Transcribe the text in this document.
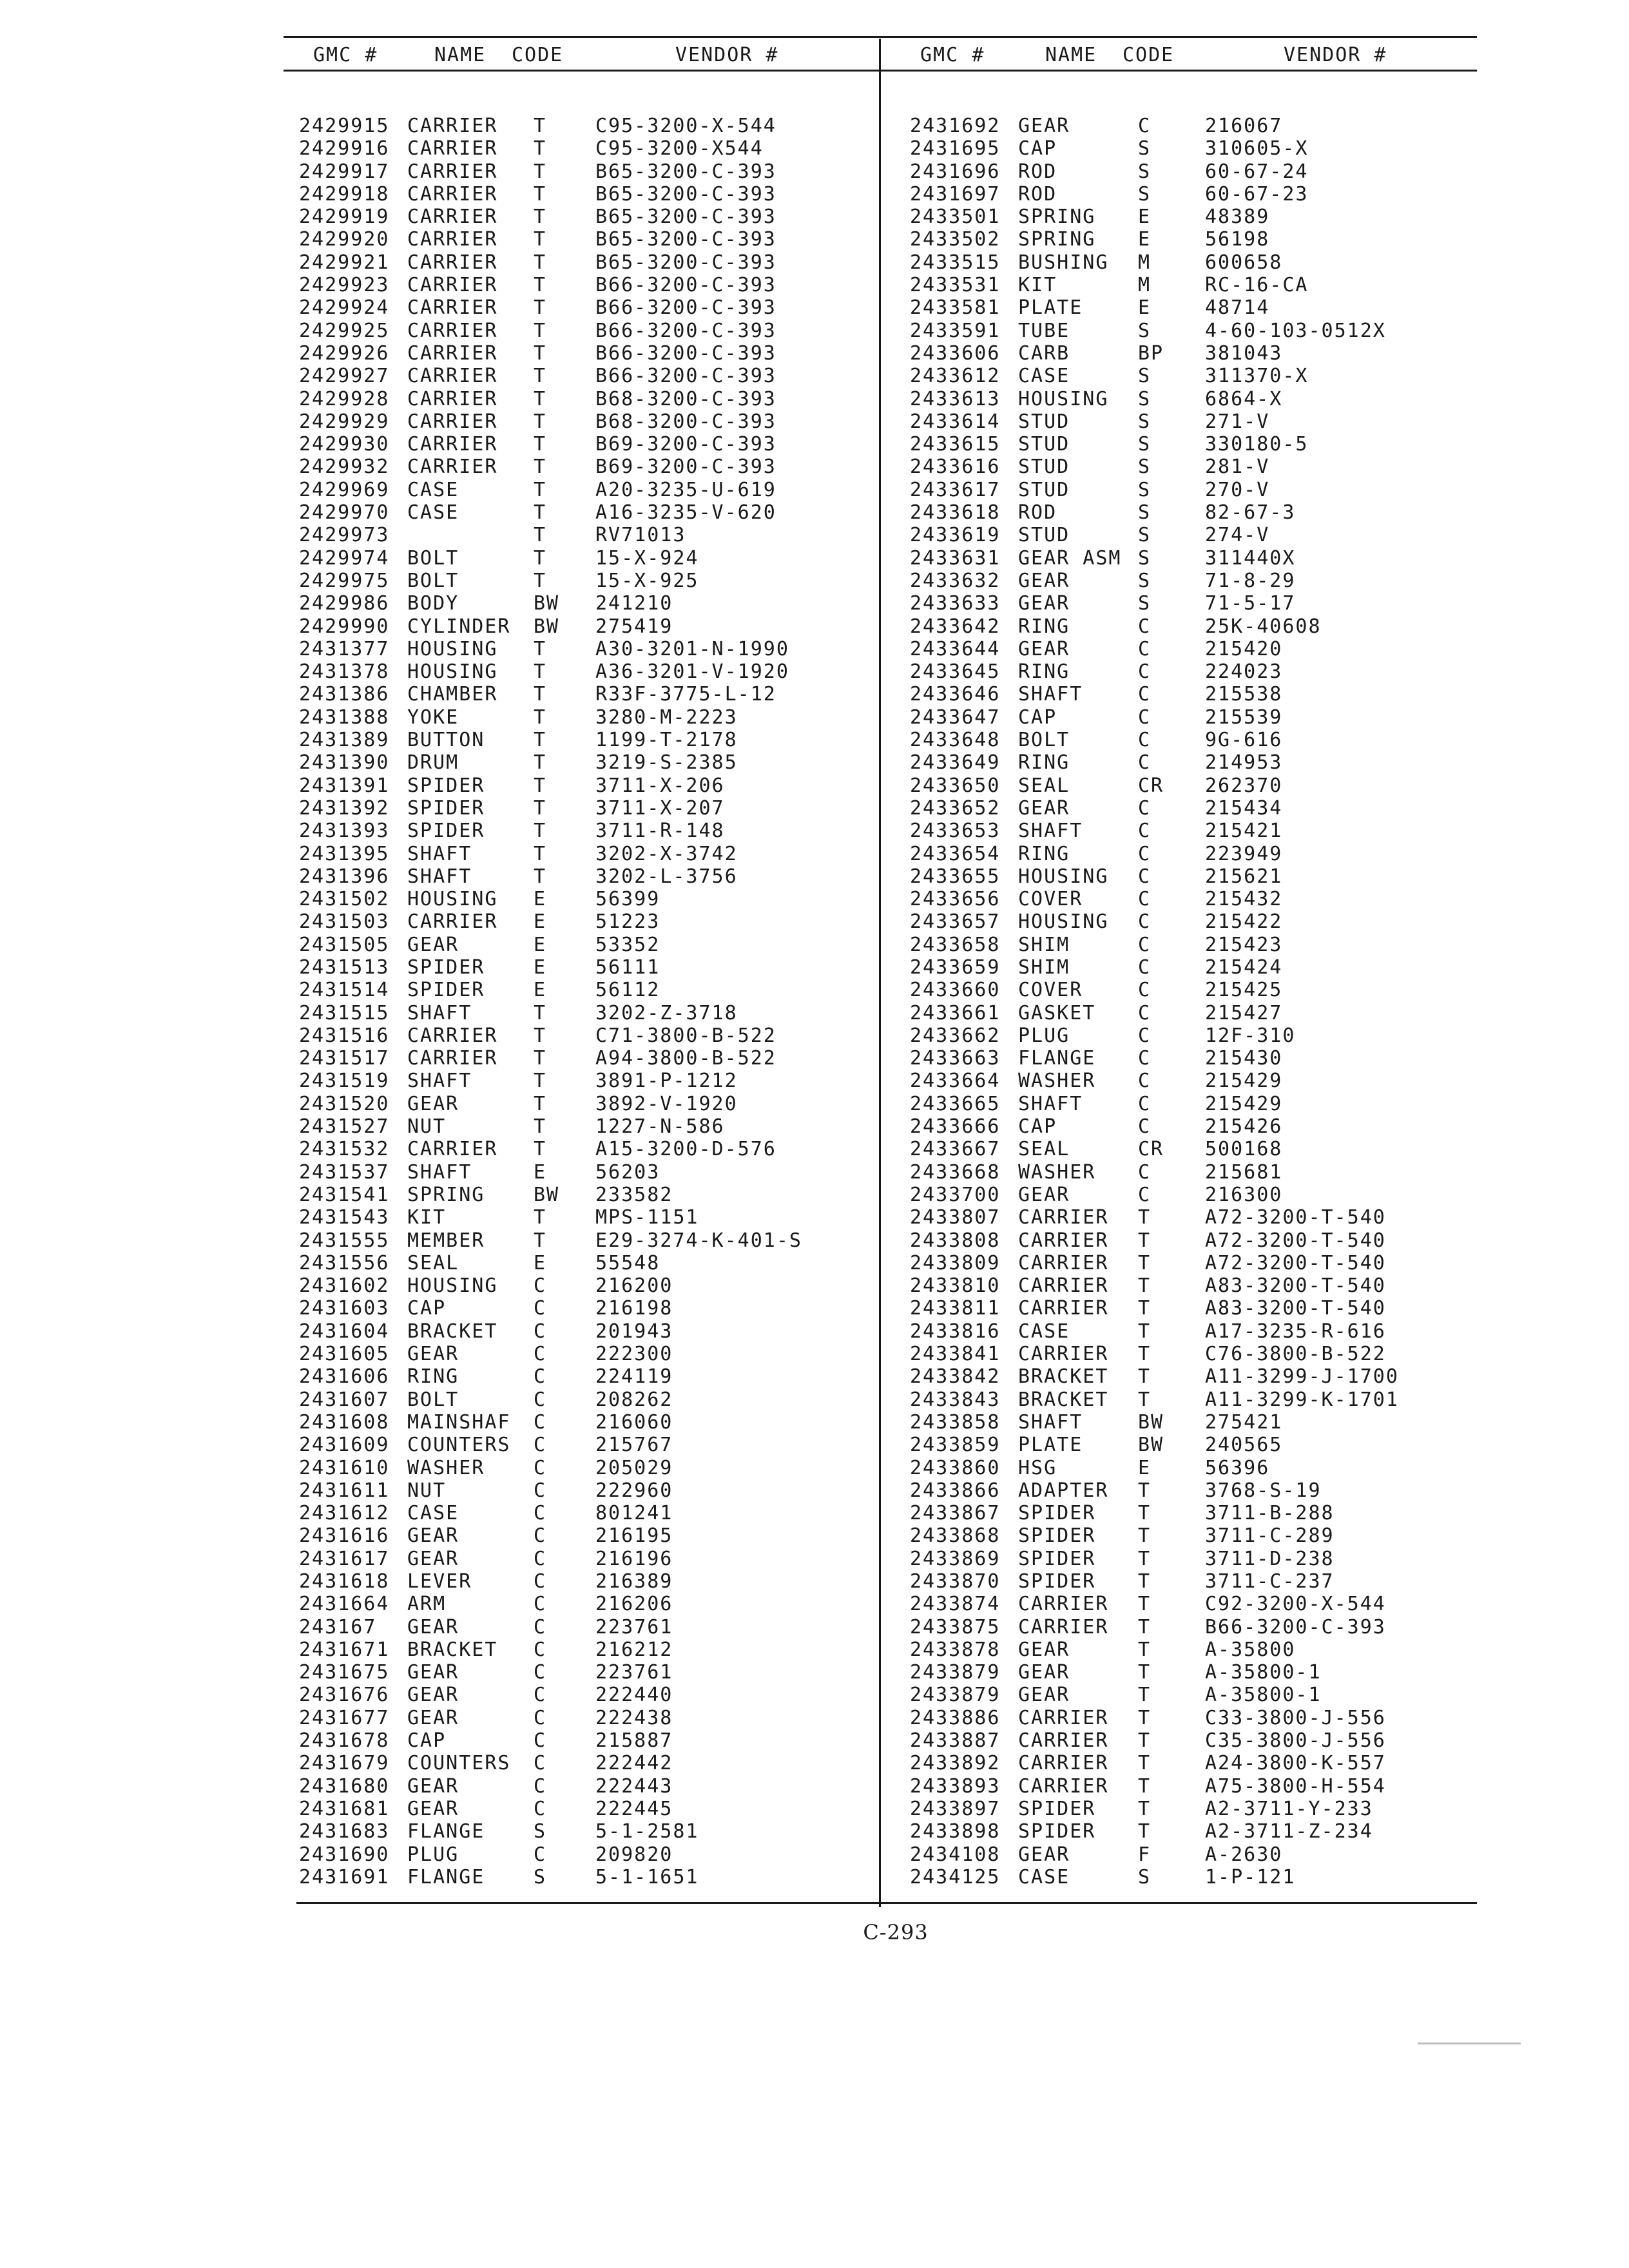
GMC #	NAME CODE	VENDOR #	GMC #	NAME CODE	VENDOR #
2429915 CARRIER T	C95-3200-X-544
2429916 CARRIER T	C95-3200-X544
2429917 CARRIER T	B65-3200-C-393
2429918 CARRIER T	B65-3200-C-393
2429919 CARRIER T	B65-3200-C-393
2429920 CARRIER T	B65-3200-C-393
2429921 CARRIER T	B65-3200-C-393
2429923 CARRIER T	B66-3200-C-393
2429924 CARRIER T	B66-3200-C-393
2429925 CARRIER T	B66-3200-C-393
2429926 CARRIER T	B66-3200-C-393
2429927 CARRIER T	B66-3200-C-393
2429928 CARRIER T	B68-3200-C-393
2429929 CARRIER T	B68-3200-C-393
2429930 CARRIER T	B69-3200-C-393
2429932 CARRIER T	B69-3200-C-393
2429969 CASE	T	A20-3235-U-619
2429970 CASE	T	A16-3235-V-620
2429973	T	RV71013
2429974 BOLT	T	15-X-924
2429975 BOLT	T	15-X-925
2429986 BODY	BW 241210
2429990 CYLINDER BW 275419
2431377 HOUSING T	A30-3201-N-1990
2431378 HOUSING T	A36-3201-V-1920
2431386 CHAMBER T	R33F-3775-L-12
2431388 YOKE	T	3280-M-2223
2431389 BUTTON	T	1199-T-2178
2431390 DRUM	T	3219-S-2385
2431391 SPIDER	T	3711-X-206
2431392 SPIDER	T	3711-X-207
2431393 SPIDER	T	3711-R-148
2431395 SHAFT	T	3202-X-3742
2431396 SHAFT	T	3202-L-3756
2431502 HOUSING E	56399
2431503 CARRIER E	51223
2431505 GEAR	E	53352
2431513 SPIDER	E	56111
2431514 SPIDER	E	56112
2431515 SHAFT	T	3202-Z-3718
2431516 CARRIER T	C71-3800-B-522
2431517 CARRIER T	A94-3800-B-522
2431519 SHAFT	T	3891-P-1212
2431520 GEAR	T	3892-V-1920
2431527 NUT	T	1227-N-586
2431532 CARRIER T	A15-3200-D-576
2431537 SHAFT	E	56203
2431541 SPRING	BW 233582
2431543 KIT	T	MPS-1151
2431555 MEMBER	T	E29-3274-K-401-S
2431556 SEAL	E	55548
2431602 HOUSING C	216200
2431603 CAP	C	216198
2431604 BRACKET C	201943
2431605 GEAR	C	222300
2431606 RING	C	224119
2431607 BOLT	C	208262
2431608 MAINSHAF C	216060
2431609 COUNTERS C	215767
2431610 WASHER	C	205029
2431611 NUT	C	222960
2431612 CASE	C	801241
2431616 GEAR	C	216195
2431617 GEAR	C	216196
2431618 LEVER	C	216389
2431664 ARM	C	216206
243167 GEAR	C	223761
2431671 BRACKET C	216212
2431675 GEAR	C	223761
2431676 GEAR	C	222440
2431677 GEAR	C	222438
2431678 CAP	C	215887
2431679 COUNTERS C	222442
2431680 GEAR	C	222443
2431681 GEAR	C	222445
2431683 FLANGE	S	5-1-2581
2431690 PLUG	C	209820
2431691 FLANGE	S	5-1-1651
2431692 GEAR	C	216067
2431695 CAP	S	310605-X
2431696 ROD	S	60-67-24
2431697 ROD	S	60-67-23
2433501 SPRING E	48389
2433502 SPRING E	56198
2433515 BUSHING M	600658
2433531 KIT	M	RC-16-CA
2433581 PLATE	E	48714
2433591 TUBE	S	4-60-103-0512X
2433606 CARB	BP 381043
2433612 CASE	S	311370-X
2433613 HOUSING S	6864-X
2433614 STUD	S	271-V
2433615 STUD	S	330180-5
2433616 STUD	S	281-V
2433617 STUD	S	270-V
2433618 ROD	S	82-67-3
2433619 STUD	S	274-V
2433631 GEAR ASM S	311440X
2433632 GEAR	S	71-8-29
2433633 GEAR	S	71-5-17
2433642 RING	C	25K-40608
2433644 GEAR	C	215420
2433645 RING	C	224023
2433646 SHAFT	C	215538
2433647 CAP	C	215539
2433648 BOLT	C	9G-616
2433649 RING	C	214953
2433650 SEAL	CR 262370
2433652 GEAR	C	215434
2433653 SHAFT	C	215421
2433654 RING	C	223949
2433655 HOUSING C	215621
2433656 COVER	C	215432
2433657 HOUSING C	215422
2433658 SHIM	C	215423
2433659 SHIM	C	215424
2433660 COVER	C	215425
2433661 GASKET C	215427
2433662 PLUG	C	12F-310
2433663 FLANGE C	215430
2433664 WASHER C	215429
2433665 SHAFT	C	215429
2433666 CAP	C	215426
2433667 SEAL	CR 500168
2433668 WASHER C	215681
2433700 GEAR	C	216300
2433807 CARRIER T	A72-3200-T-540
2433808 CARRIER T	A72-3200-T-540
2433809 CARRIER T	A72-3200-T-540
2433810 CARRIER T	A83-3200-T-540
2433811 CARRIER T	A83-3200-T-540
2433816 CASE	T	A17-3235-R-616
2433841 CARRIER T	C76-3800-B-522
2433842 BRACKET T	A11-3299-J-1700
2433843 BRACKET T	A11-3299-K-1701
2433858 SHAFT	BW 275421
2433859 PLATE	BW 240565
2433860 HSG	E	56396
2433866 ADAPTER T	3768-S-19
2433867 SPIDER T	3711-B-288
2433868 SPIDER T	3711-C-289
2433869 SPIDER T	3711-D-238
2433870 SPIDER T	3711-C-237
2433874 CARRIER T	C92-3200-X-544
2433875 CARRIER T	B66-3200-C-393
2433878 GEAR	T	A-35800
2433879 GEAR	T	A-35800-1
2433879 GEAR	T	A-35800-1
2433886 CARRIER T	C33-3800-J-556
2433887 CARRIER T	C35-3800-J-556
2433892 CARRIER T	A24-3800-K-557
2433893 CARRIER T	A75-3800-H-554
2433897 SPIDER T	A2-3711-Y-233
2433898 SPIDER T	A2-3711-Z-234
2434108 GEAR	F	A-2630
2434125 CASE	S	1-P-121
C-293
